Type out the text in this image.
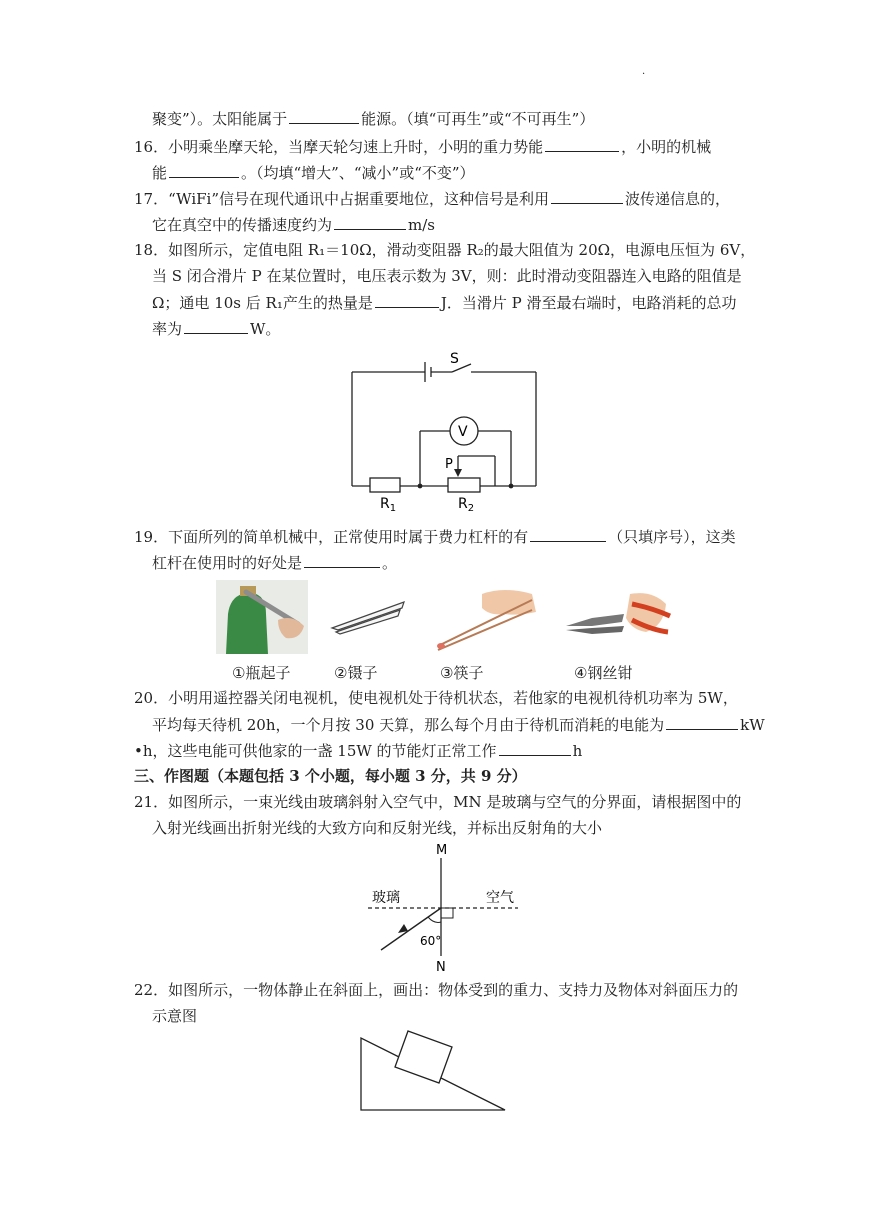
.
聚变”）。太阳能属于	能源。（填“可再生”或“不可再生”）
16．小明乘坐摩天轮，当摩天轮匀速上升时，小明的重力势能	，小明的机械
能	。（均填“增大”、“减小”或“不变”）
17．“WiFi”信号在现代通讯中占据重要地位，这种信号是利用	波传递信息的，
它在真空中的传播速度约为	m/s
18．如图所示，定值电阻 R₁＝10Ω，滑动变阻器 R₂的最大阻值为 20Ω，电源电压恒为 6V，
当 S 闭合滑片 P 在某位置时，电压表示数为 3V，则：此时滑动变阻器连入电路的阻值是
Ω；通电 10s 后 R₁产生的热量是	J．当滑片 P 滑至最右端时，电路消耗的总功
率为	W。
S
V
P
$R_1$	$R_2$
19．下面所列的简单机械中，正常使用时属于费力杠杆的有	（只填序号），这类
杠杆在使用时的好处是	。
①瓶起子	②镊子	③筷子	④钢丝钳
20．小明用遥控器关闭电视机，使电视机处于待机状态，若他家的电视机待机功率为 5W，
平均每天待机 20h，一个月按 30 天算，那么每个月由于待机而消耗的电能为	kW
•h，这些电能可供他家的一盏 15W 的节能灯正常工作	h
三、作图题（本题包括 3 个小题，每小题 3 分，共 9 分）
21．如图所示，一束光线由玻璃斜射入空气中，MN 是玻璃与空气的分界面，请根据图中的
入射光线画出折射光线的大致方向和反射光线，并标出反射角的大小
M
N
玻璃	空气
60°
22．如图所示，一物体静止在斜面上，画出：物体受到的重力、支持力及物体对斜面压力的
示意图
